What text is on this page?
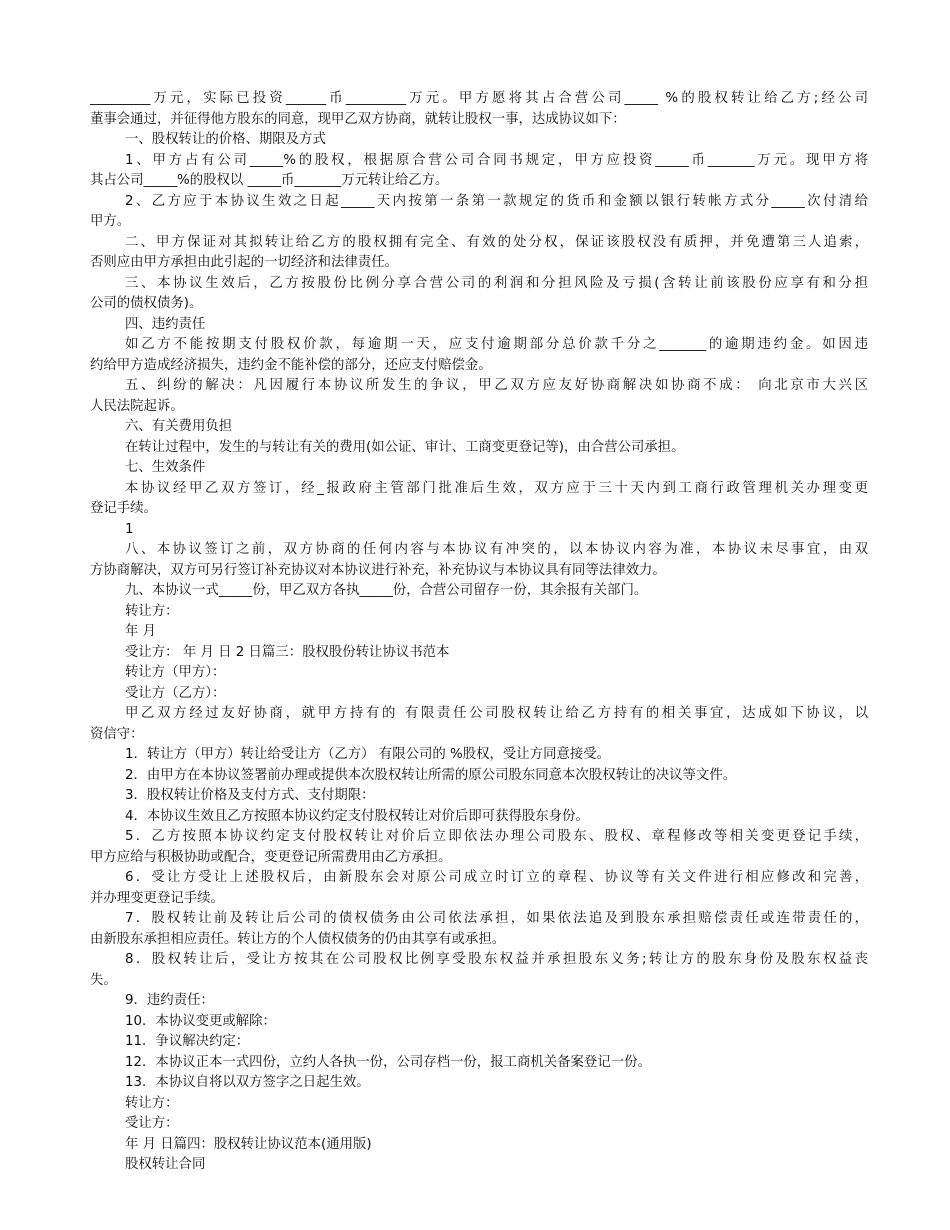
_________万元，实际已投资______币_________万元。甲方愿将其占合营公司_____ %的股权转让给乙方;经公司
董事会通过，并征得他方股东的同意，现甲乙双方协商，就转让股权一事，达成协议如下：
一、股权转让的价格、期限及方式
1、甲方占有公司_____%的股权，根据原合营公司合同书规定，甲方应投资_____币_______万元。现甲方将
其占公司_____%的股权以 _____币_______万元转让给乙方。
2、乙方应于本协议生效之日起_____天内按第一条第一款规定的货币和金额以银行转帐方式分_____次付清给
甲方。
二、甲方保证对其拟转让给乙方的股权拥有完全、有效的处分权，保证该股权没有质押，并免遭第三人追索，
否则应由甲方承担由此引起的一切经济和法律责任。
三、本协议生效后，乙方按股份比例分享合营公司的利润和分担风险及亏损(含转让前该股份应享有和分担
公司的债权债务)。
四、违约责任
如乙方不能按期支付股权价款，每逾期一天，应支付逾期部分总价款千分之_______的逾期违约金。如因违
约给甲方造成经济损失，违约金不能补偿的部分，还应支付赔偿金。
五、纠纷的解决：凡因履行本协议所发生的争议，甲乙双方应友好协商解决如协商不成： 向北京市大兴区
人民法院起诉。
六、有关费用负担
在转让过程中，发生的与转让有关的费用(如公证、审计、工商变更登记等)，由合营公司承担。
七、生效条件
本协议经甲乙双方签订，经_报政府主管部门批准后生效，双方应于三十天内到工商行政管理机关办理变更
登记手续。
1
八、本协议签订之前，双方协商的任何内容与本协议有冲突的，以本协议内容为准，本协议未尽事宜，由双
方协商解决，双方可另行签订补充协议对本协议进行补充，补充协议与本协议具有同等法律效力。
九、本协议一式_____份，甲乙双方各执_____份，合营公司留存一份，其余报有关部门。
转让方：
年 月
受让方： 年 月 日 2 日篇三：股权股份转让协议书范本
转让方（甲方）：
受让方（乙方）：
甲乙双方经过友好协商，就甲方持有的 有限责任公司股权转让给乙方持有的相关事宜，达成如下协议，以
资信守：
1．转让方（甲方）转让给受让方（乙方） 有限公司的 %股权，受让方同意接受。
2．由甲方在本协议签署前办理或提供本次股权转让所需的原公司股东同意本次股权转让的决议等文件。
3．股权转让价格及支付方式、支付期限：
4．本协议生效且乙方按照本协议约定支付股权转让对价后即可获得股东身份。
5．乙方按照本协议约定支付股权转让对价后立即依法办理公司股东、股权、章程修改等相关变更登记手续，
甲方应给与积极协助或配合，变更登记所需费用由乙方承担。
6．受让方受让上述股权后，由新股东会对原公司成立时订立的章程、协议等有关文件进行相应修改和完善，
并办理变更登记手续。
7．股权转让前及转让后公司的债权债务由公司依法承担，如果依法追及到股东承担赔偿责任或连带责任的，
由新股东承担相应责任。转让方的个人债权债务的仍由其享有或承担。
8．股权转让后，受让方按其在公司股权比例享受股东权益并承担股东义务;转让方的股东身份及股东权益丧
失。
9．违约责任：
10．本协议变更或解除：
11．争议解决约定：
12．本协议正本一式四份，立约人各执一份，公司存档一份，报工商机关备案登记一份。
13．本协议自将以双方签字之日起生效。
转让方：
受让方：
年 月 日篇四：股权转让协议范本(通用版)
股权转让合同
